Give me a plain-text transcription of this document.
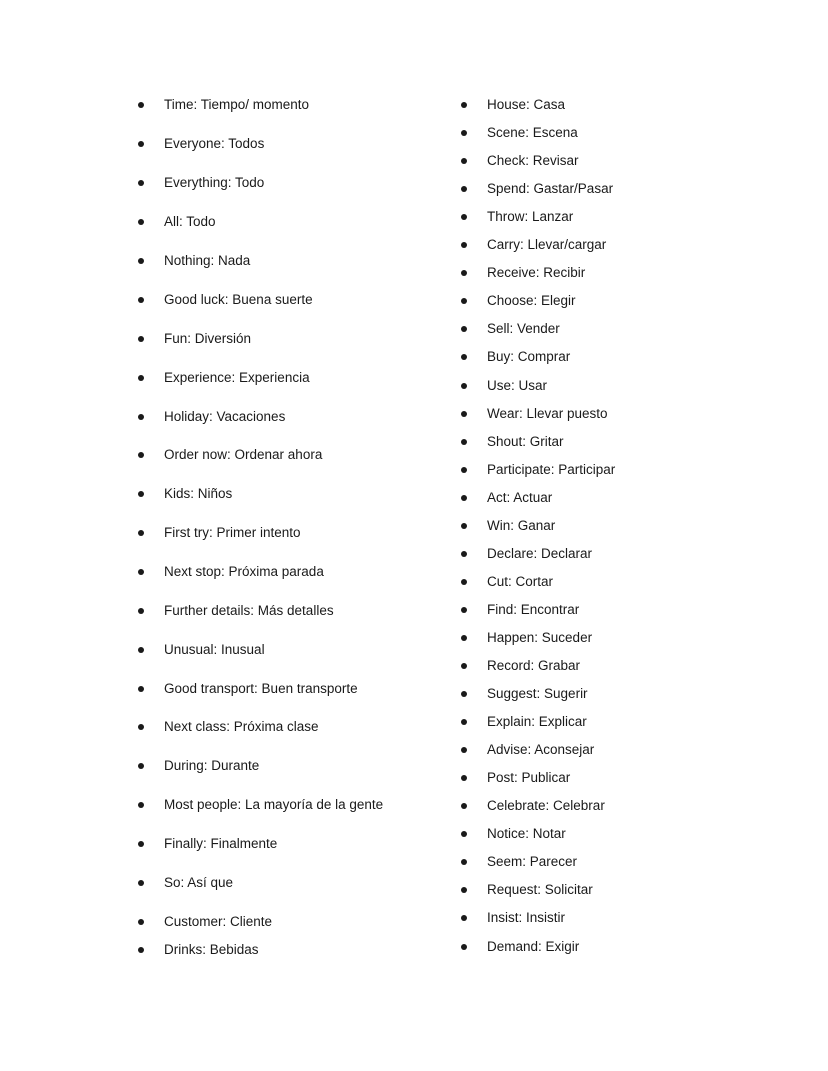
Time: Tiempo/ momento
Everyone: Todos
Everything: Todo
All: Todo
Nothing: Nada
Good luck: Buena suerte
Fun: Diversión
Experience: Experiencia
Holiday: Vacaciones
Order now: Ordenar ahora
Kids: Niños
First try: Primer intento
Next stop: Próxima parada
Further details: Más detalles
Unusual: Inusual
Good transport: Buen transporte
Next class: Próxima clase
During: Durante
Most people: La mayoría de la gente
Finally: Finalmente
So: Así que
Customer: Cliente
Drinks: Bebidas
House: Casa
Scene: Escena
Check: Revisar
Spend: Gastar/Pasar
Throw: Lanzar
Carry: Llevar/cargar
Receive: Recibir
Choose: Elegir
Sell: Vender
Buy: Comprar
Use: Usar
Wear: Llevar puesto
Shout: Gritar
Participate: Participar
Act: Actuar
Win: Ganar
Declare: Declarar
Cut: Cortar
Find: Encontrar
Happen: Suceder
Record: Grabar
Suggest: Sugerir
Explain: Explicar
Advise: Aconsejar
Post: Publicar
Celebrate: Celebrar
Notice: Notar
Seem: Parecer
Request: Solicitar
Insist: Insistir
Demand: Exigir
